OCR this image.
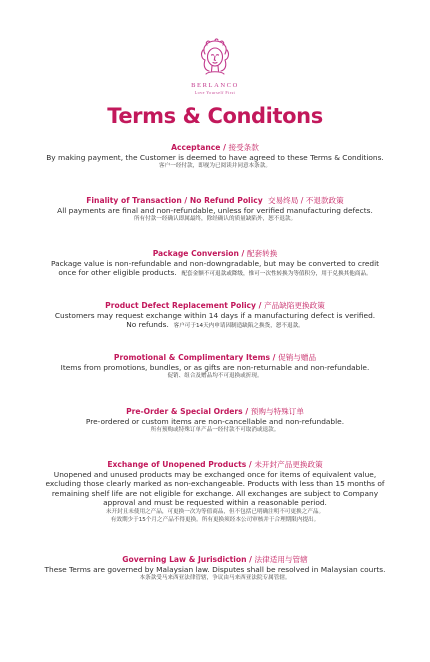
BERLANCO
Love Yourself First
Terms & Conditons
Acceptance / 接受条款
By making payment, the Customer is deemed to have agreed to these Terms & Conditions.
客户一经付款，即视为已阅读并同意本条款。
Finality of Transaction / No Refund Policy 交易终局 / 不退款政策
All payments are final and non-refundable, unless for verified manufacturing defects.
所有付款一经确认即属最终，除经确认的质量缺陷外，恕不退款。
Package Conversion / 配套转换
Package value is non-refundable and non-downgradable, but may be converted to credit
once for other eligible products. 配套金额不可退款或降级，惟可一次性转换为等值积分，用于兑换其他商品。
Product Defect Replacement Policy / 产品缺陷更换政策
Customers may request exchange within 14 days if a manufacturing defect is verified.
No refunds. 客户可于14天内申请因制造缺陷之换货，恕不退款。
Promotional & Complimentary Items / 促销与赠品
Items from promotions, bundles, or as gifts are non-returnable and non-refundable.
促销、组合及赠品均不可退换或折现。
Pre-Order & Special Orders / 预购与特殊订单
Pre-ordered or custom items are non-cancellable and non-refundable.
所有预购或特殊订单产品一经付款不可取消或退款。
Exchange of Unopened Products / 未开封产品更换政策
Unopened and unused products may be exchanged once for items of equivalent value,
excluding those clearly marked as non-exchangeable. Products with less than 15 months of
remaining shelf life are not eligible for exchange. All exchanges are subject to Company
approval and must be requested within a reasonable period.
未开封且未使用之产品，可更换一次为等值商品，但不包括已明确注明不可更换之产品。
有效期少于15个月之产品不得更换。所有更换须经本公司审核并于合理期限内提出。
Governing Law & Jurisdiction / 法律适用与管辖
These Terms are governed by Malaysian law. Disputes shall be resolved in Malaysian courts.
本条款受马来西亚法律管辖，争议由马来西亚法院专属管辖。
